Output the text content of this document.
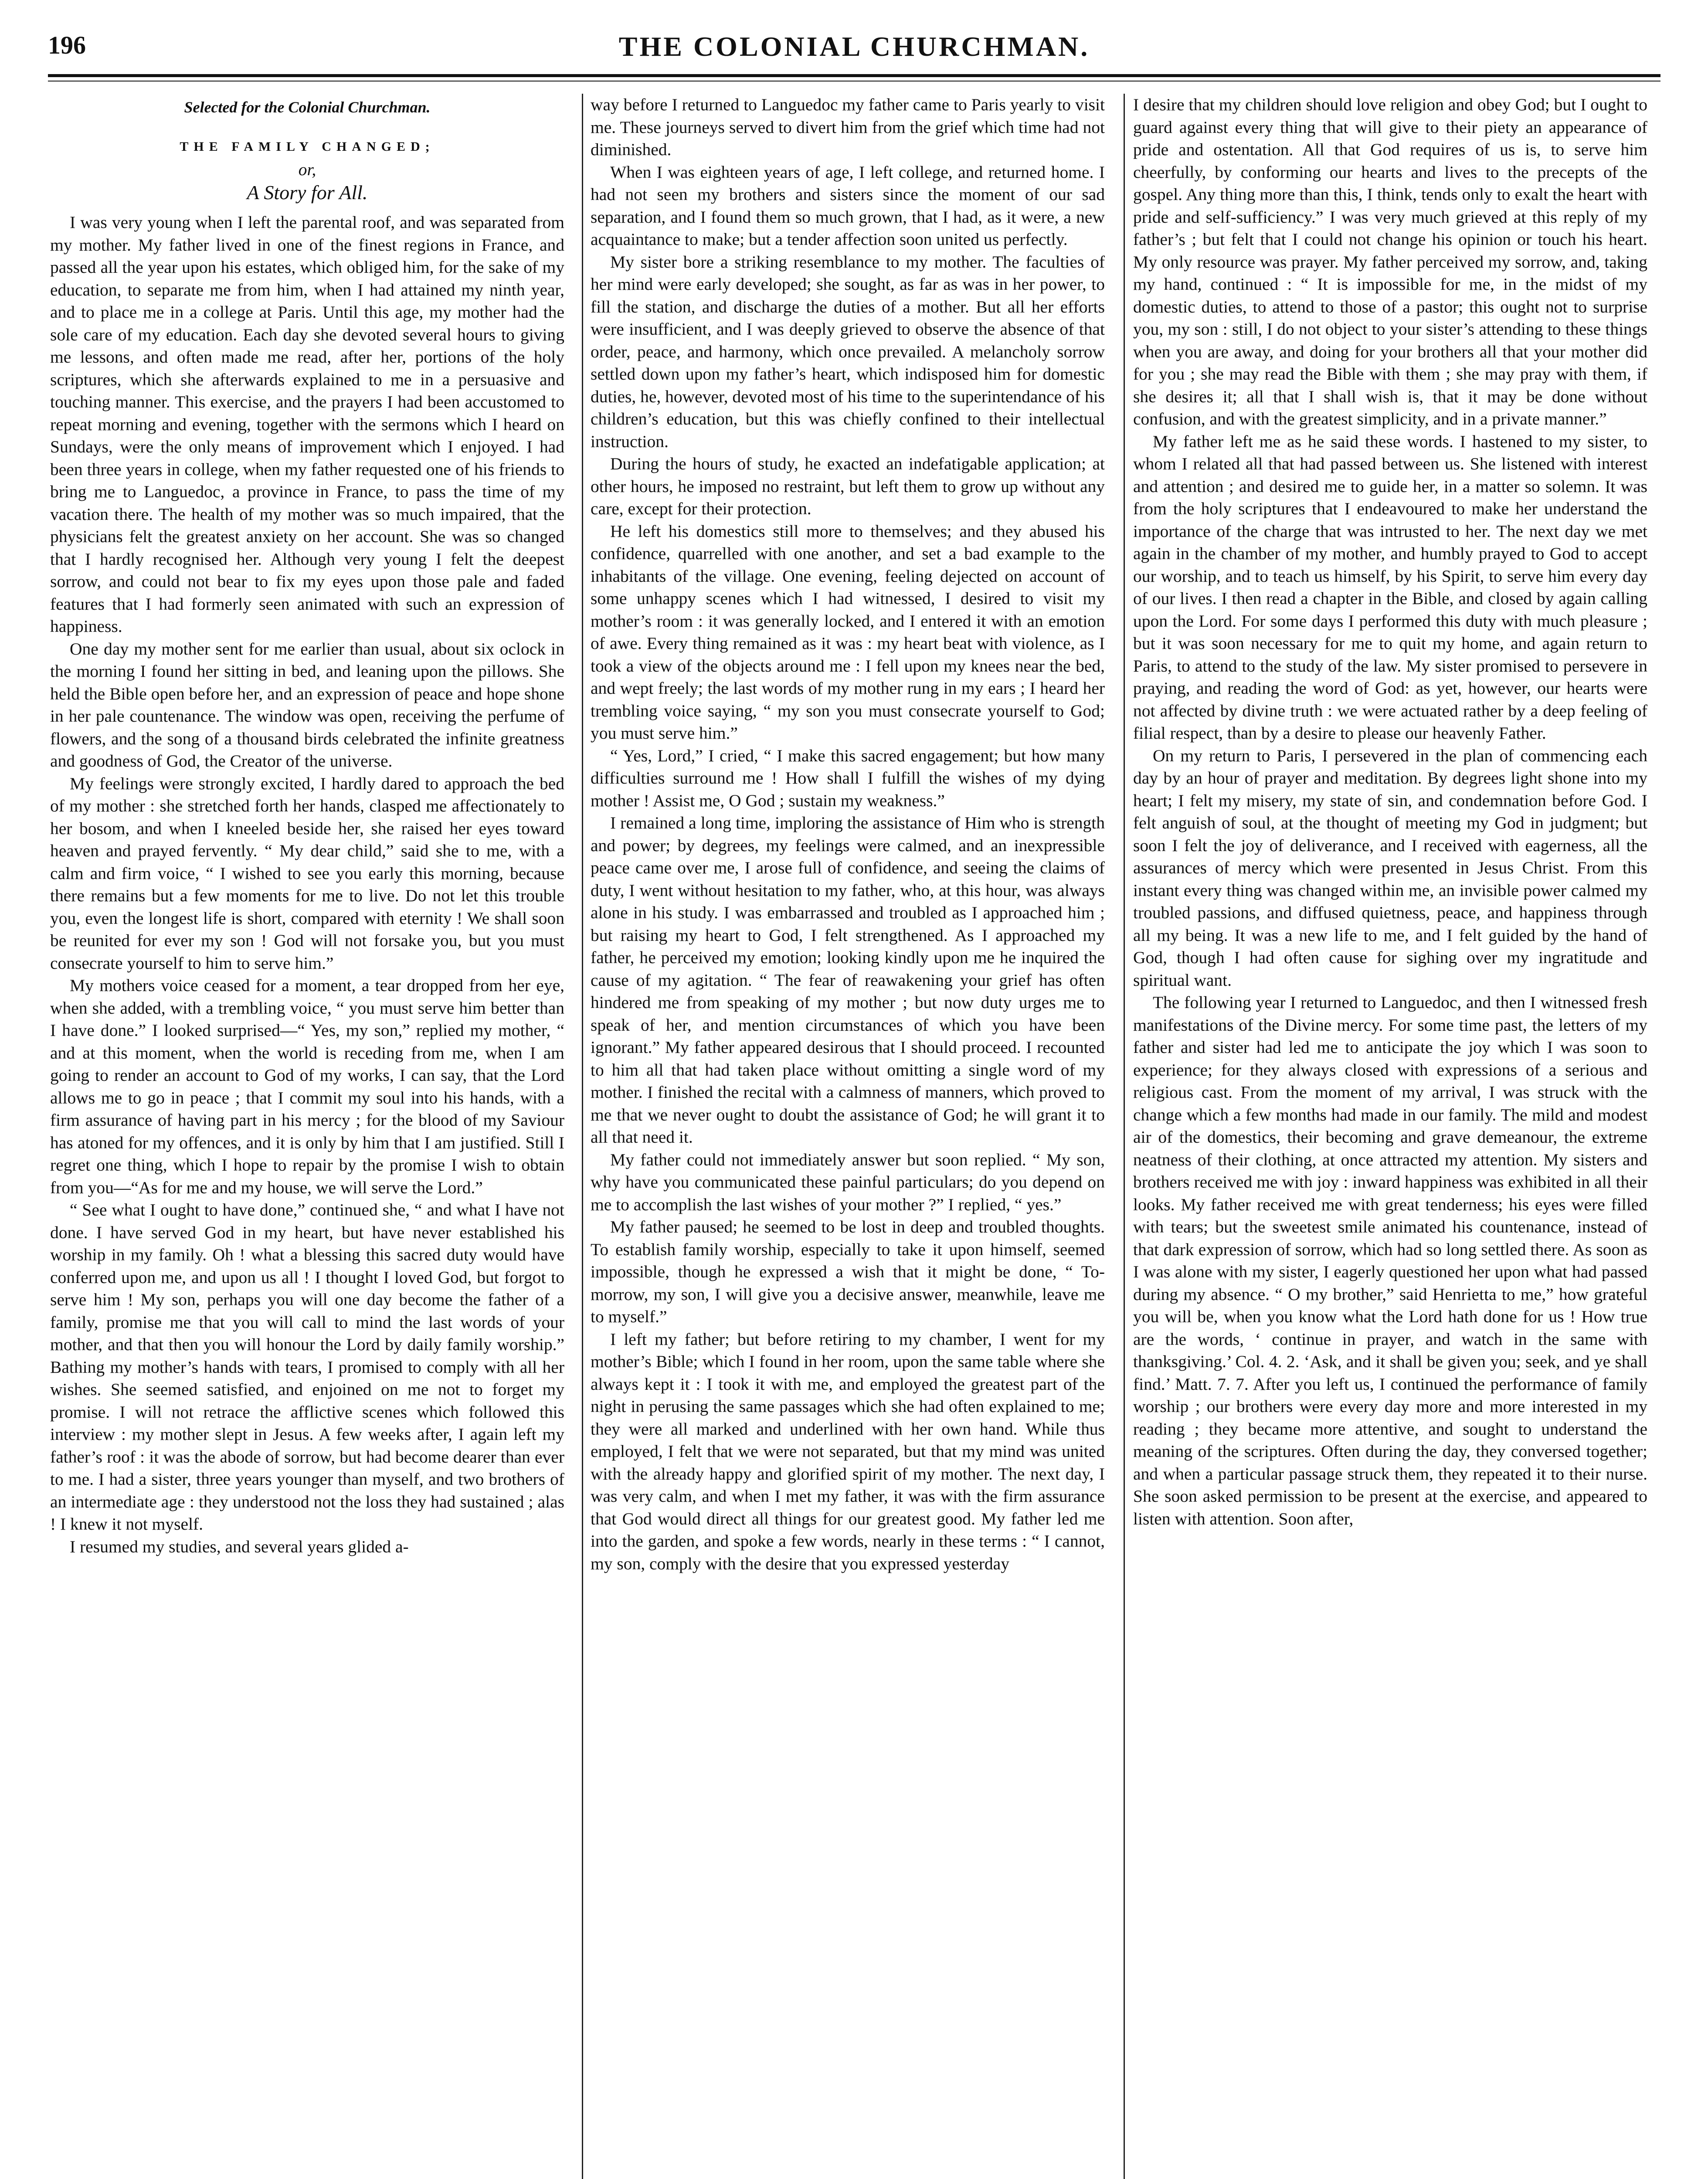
196	THE COLONIAL CHURCHMAN.
Selected for the Colonial Churchman.
THE FAMILY CHANGED;
or,
A Story for All.

I was very young when I left the parental roof, and was separated from my mother. My father lived in one of the finest regions in France, and passed all the year upon his estates, which obliged him, for the sake of my education, to separate me from him, when I had attained my ninth year, and to place me in a college at Paris. Until this age, my mother had the sole care of my education. Each day she devoted several hours to giving me lessons, and often made me read, after her, portions of the holy scriptures, which she afterwards explained to me in a persuasive and touching manner. This exercise, and the prayers I had been accustomed to repeat morning and evening, together with the sermons which I heard on Sundays, were the only means of improvement which I enjoyed. I had been three years in college, when my father requested one of his friends to bring me to Languedoc, a province in France, to pass the time of my vacation there. The health of my mother was so much impaired, that the physicians felt the greatest anxiety on her account. She was so changed that I hardly recognised her. Although very young I felt the deepest sorrow, and could not bear to fix my eyes upon those pale and faded features that I had formerly seen animated with such an expression of happiness.

One day my mother sent for me earlier than usual, about six oclock in the morning I found her sitting in bed, and leaning upon the pillows. She held the Bible open before her, and an expression of peace and hope shone in her pale countenance. The window was open, receiving the perfume of flowers, and the song of a thousand birds celebrated the infinite greatness and goodness of God, the Creator of the universe.

My feelings were strongly excited, I hardly dared to approach the bed of my mother : she stretched forth her hands, clasped me affectionately to her bosom, and when I kneeled beside her, she raised her eyes toward heaven and prayed fervently. “ My dear child,” said she to me, with a calm and firm voice, “ I wished to see you early this morning, because there remains but a few moments for me to live. Do not let this trouble you, even the longest life is short, compared with eternity ! We shall soon be reunited for ever my son ! God will not forsake you, but you must consecrate yourself to him to serve him.”

My mothers voice ceased for a moment, a tear dropped from her eye, when she added, with a trembling voice, “ you must serve him better than I have done.” I looked surprised—“ Yes, my son,” replied my mother, “ and at this moment, when the world is receding from me, when I am going to render an account to God of my works, I can say, that the Lord allows me to go in peace ; that I commit my soul into his hands, with a firm assurance of having part in his mercy ; for the blood of my Saviour has atoned for my offences, and it is only by him that I am justified. Still I regret one thing, which I hope to repair by the promise I wish to obtain from you—“As for me and my house, we will serve the Lord.”

“ See what I ought to have done,” continued she, “ and what I have not done. I have served God in my heart, but have never established his worship in my family. Oh ! what a blessing this sacred duty would have conferred upon me, and upon us all ! I thought I loved God, but forgot to serve him ! My son, perhaps you will one day become the father of a family, promise me that you will call to mind the last words of your mother, and that then you will honour the Lord by daily family worship.” Bathing my mother’s hands with tears, I promised to comply with all her wishes. She seemed satisfied, and enjoined on me not to forget my promise. I will not retrace the afflictive scenes which followed this interview : my mother slept in Jesus. A few weeks after, I again left my father’s roof : it was the abode of sorrow, but had become dearer than ever to me. I had a sister, three years younger than myself, and two brothers of an intermediate age : they understood not the loss they had sustained ; alas ! I knew it not myself.

I resumed my studies, and several years glided a-

way before I returned to Languedoc my father came to Paris yearly to visit me. These journeys served to divert him from the grief which time had not diminished.

When I was eighteen years of age, I left college, and returned home. I had not seen my brothers and sisters since the moment of our sad separation, and I found them so much grown, that I had, as it were, a new acquaintance to make; but a tender affection soon united us perfectly.

My sister bore a striking resemblance to my mother. The faculties of her mind were early developed; she sought, as far as was in her power, to fill the station, and discharge the duties of a mother. But all her efforts were insufficient, and I was deeply grieved to observe the absence of that order, peace, and harmony, which once prevailed. A melancholy sorrow settled down upon my father’s heart, which indisposed him for domestic duties, he, however, devoted most of his time to the superintendance of his children’s education, but this was chiefly confined to their intellectual instruction.

During the hours of study, he exacted an indefatigable application; at other hours, he imposed no restraint, but left them to grow up without any care, except for their protection.

He left his domestics still more to themselves; and they abused his confidence, quarrelled with one another, and set a bad example to the inhabitants of the village. One evening, feeling dejected on account of some unhappy scenes which I had witnessed, I desired to visit my mother’s room : it was generally locked, and I entered it with an emotion of awe. Every thing remained as it was : my heart beat with violence, as I took a view of the objects around me : I fell upon my knees near the bed, and wept freely; the last words of my mother rung in my ears ; I heard her trembling voice saying, “ my son you must consecrate yourself to God; you must serve him.”

“ Yes, Lord,” I cried, “ I make this sacred engagement; but how many difficulties surround me ! How shall I fulfill the wishes of my dying mother ! Assist me, O God ; sustain my weakness.”

I remained a long time, imploring the assistance of Him who is strength and power; by degrees, my feelings were calmed, and an inexpressible peace came over me, I arose full of confidence, and seeing the claims of duty, I went without hesitation to my father, who, at this hour, was always alone in his study. I was embarrassed and troubled as I approached him ; but raising my heart to God, I felt strengthened. As I approached my father, he perceived my emotion; looking kindly upon me he inquired the cause of my agitation. “ The fear of reawakening your grief has often hindered me from speaking of my mother ; but now duty urges me to speak of her, and mention circumstances of which you have been ignorant.” My father appeared desirous that I should proceed. I recounted to him all that had taken place without omitting a single word of my mother. I finished the recital with a calmness of manners, which proved to me that we never ought to doubt the assistance of God; he will grant it to all that need it.

My father could not immediately answer but soon replied. “ My son, why have you communicated these painful particulars; do you depend on me to accomplish the last wishes of your mother ?” I replied, “ yes.”

My father paused; he seemed to be lost in deep and troubled thoughts. To establish family worship, especially to take it upon himself, seemed impossible, though he expressed a wish that it might be done, “ To-morrow, my son, I will give you a decisive answer, meanwhile, leave me to myself.”

I left my father; but before retiring to my chamber, I went for my mother’s Bible; which I found in her room, upon the same table where she always kept it : I took it with me, and employed the greatest part of the night in perusing the same passages which she had often explained to me; they were all marked and underlined with her own hand. While thus employed, I felt that we were not separated, but that my mind was united with the already happy and glorified spirit of my mother. The next day, I was very calm, and when I met my father, it was with the firm assurance that God would direct all things for our greatest good. My father led me into the garden, and spoke a few words, nearly in these terms : “ I cannot, my son, comply with the desire that you expressed yesterday

I desire that my children should love religion and obey God; but I ought to guard against every thing that will give to their piety an appearance of pride and ostentation. All that God requires of us is, to serve him cheerfully, by conforming our hearts and lives to the precepts of the gospel. Any thing more than this, I think, tends only to exalt the heart with pride and self-sufficiency.” I was very much grieved at this reply of my father’s ; but felt that I could not change his opinion or touch his heart. My only resource was prayer. My father perceived my sorrow, and, taking my hand, continued : “ It is impossible for me, in the midst of my domestic duties, to attend to those of a pastor; this ought not to surprise you, my son : still, I do not object to your sister’s attending to these things when you are away, and doing for your brothers all that your mother did for you ; she may read the Bible with them ; she may pray with them, if she desires it; all that I shall wish is, that it may be done without confusion, and with the greatest simplicity, and in a private manner.”

My father left me as he said these words. I hastened to my sister, to whom I related all that had passed between us. She listened with interest and attention ; and desired me to guide her, in a matter so solemn. It was from the holy scriptures that I endeavoured to make her understand the importance of the charge that was intrusted to her. The next day we met again in the chamber of my mother, and humbly prayed to God to accept our worship, and to teach us himself, by his Spirit, to serve him every day of our lives. I then read a chapter in the Bible, and closed by again calling upon the Lord. For some days I performed this duty with much pleasure ; but it was soon necessary for me to quit my home, and again return to Paris, to attend to the study of the law. My sister promised to persevere in praying, and reading the word of God: as yet, however, our hearts were not affected by divine truth : we were actuated rather by a deep feeling of filial respect, than by a desire to please our heavenly Father.

On my return to Paris, I persevered in the plan of commencing each day by an hour of prayer and meditation. By degrees light shone into my heart; I felt my misery, my state of sin, and condemnation before God. I felt anguish of soul, at the thought of meeting my God in judgment; but soon I felt the joy of deliverance, and I received with eagerness, all the assurances of mercy which were presented in Jesus Christ. From this instant every thing was changed within me, an invisible power calmed my troubled passions, and diffused quietness, peace, and happiness through all my being. It was a new life to me, and I felt guided by the hand of God, though I had often cause for sighing over my ingratitude and spiritual want.

The following year I returned to Languedoc, and then I witnessed fresh manifestations of the Divine mercy. For some time past, the letters of my father and sister had led me to anticipate the joy which I was soon to experience; for they always closed with expressions of a serious and religious cast. From the moment of my arrival, I was struck with the change which a few months had made in our family. The mild and modest air of the domestics, their becoming and grave demeanour, the extreme neatness of their clothing, at once attracted my attention. My sisters and brothers received me with joy : inward happiness was exhibited in all their looks. My father received me with great tenderness; his eyes were filled with tears; but the sweetest smile animated his countenance, instead of that dark expression of sorrow, which had so long settled there. As soon as I was alone with my sister, I eagerly questioned her upon what had passed during my absence. “ O my brother,” said Henrietta to me,” how grateful you will be, when you know what the Lord hath done for us ! How true are the words, ‘ continue in prayer, and watch in the same with thanksgiving.’ Col. 4. 2. ‘Ask, and it shall be given you; seek, and ye shall find.’ Matt. 7. 7. After you left us, I continued the performance of family worship ; our brothers were every day more and more interested in my reading ; they became more attentive, and sought to understand the meaning of the scriptures. Often during the day, they conversed together; and when a particular passage struck them, they repeated it to their nurse. She soon asked permission to be present at the exercise, and appeared to listen with attention. Soon after,
